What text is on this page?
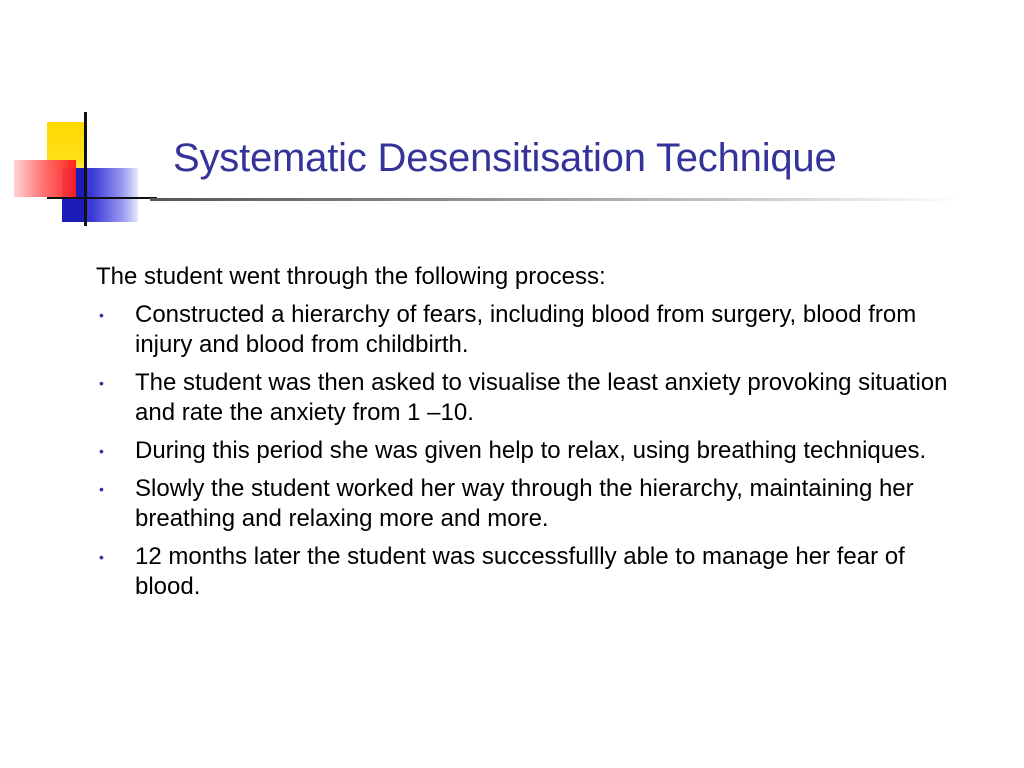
Systematic Desensitisation Technique

The student went through the following process:

• Constructed a hierarchy of fears, including blood from surgery, blood from injury and blood from childbirth.
• The student was then asked to visualise the least anxiety provoking situation and rate the anxiety from 1 –10.
• During this period she was given help to relax, using breathing techniques.
• Slowly the student worked her way through the hierarchy, maintaining her breathing and relaxing more and more.
• 12 months later the student was successfullly able to manage her fear of blood.
